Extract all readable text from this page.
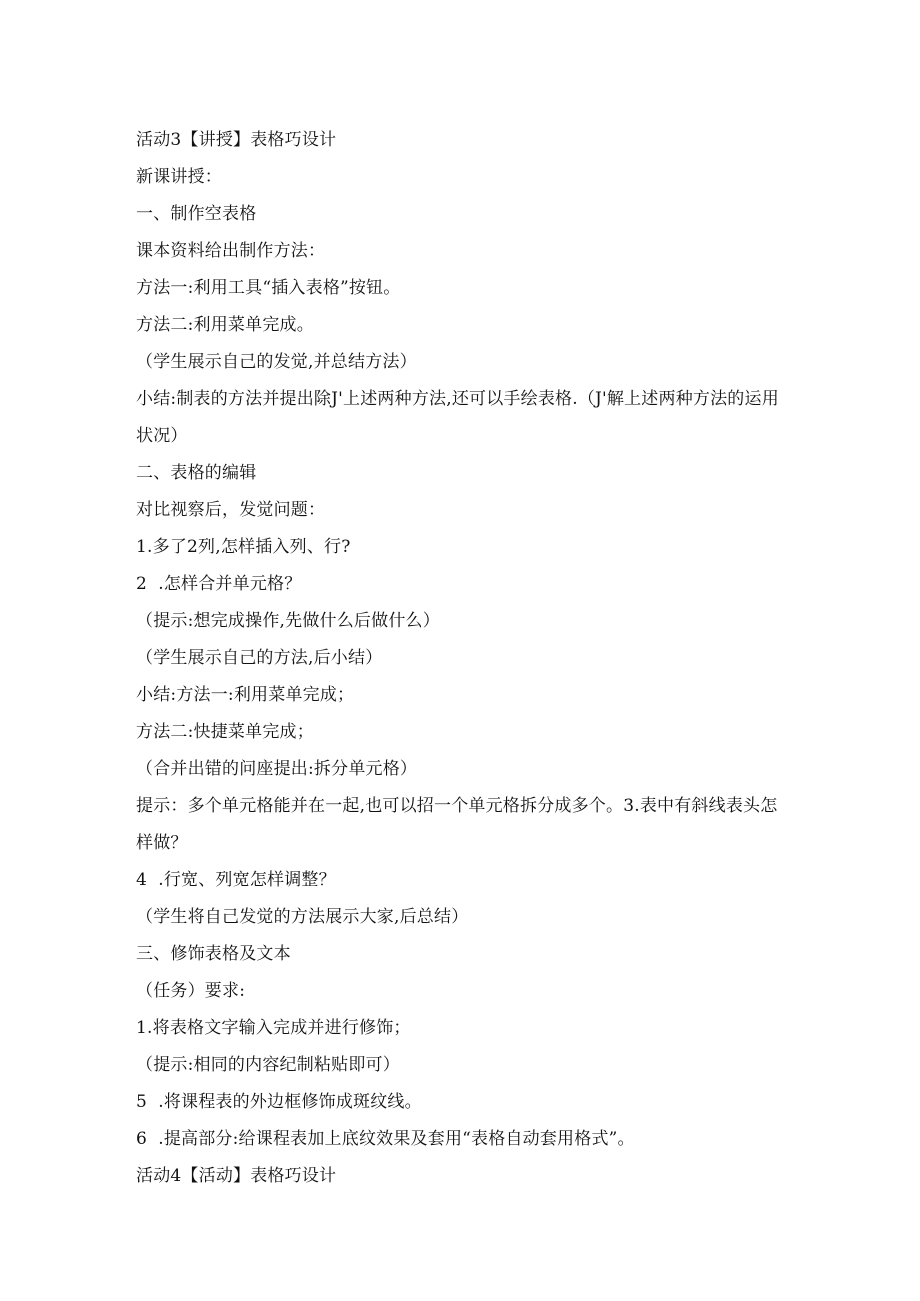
活动3【讲授】表格巧设计
新课讲授：
一、制作空表格
课本资料给出制作方法：
方法一:利用工具“插入表格”按钮。
方法二:利用菜单完成。
（学生展示自己的发觉,并总结方法）
小结:制表的方法并提出除J'上述两种方法,还可以手绘表格.（J'解上述两种方法的运用状况）
二、表格的编辑
对比视察后，发觉问题：
1.多了2列,怎样插入列、行?
2  .怎样合并单元格？
（提示:想完成操作,先做什么后做什么）
（学生展示自己的方法,后小结）
小结:方法一:利用菜单完成；
方法二:快捷菜单完成；
（合并出错的问座提出:拆分单元格）
提示：多个单元格能并在一起,也可以招一个单元格拆分成多个。3.表中有斜线表头怎样做？
4  .行宽、列宽怎样调整？
（学生将自己发觉的方法展示大家,后总结）
三、修饰表格及文本
（任务）要求:
1.将表格文字输入完成并进行修饰；
（提示:相同的内容纪制粘贴即可）
5  .将课程表的外边框修饰成斑纹线。
6  .提高部分:给课程表加上底纹效果及套用“表格自动套用格式”。
活动4【活动】表格巧设计
